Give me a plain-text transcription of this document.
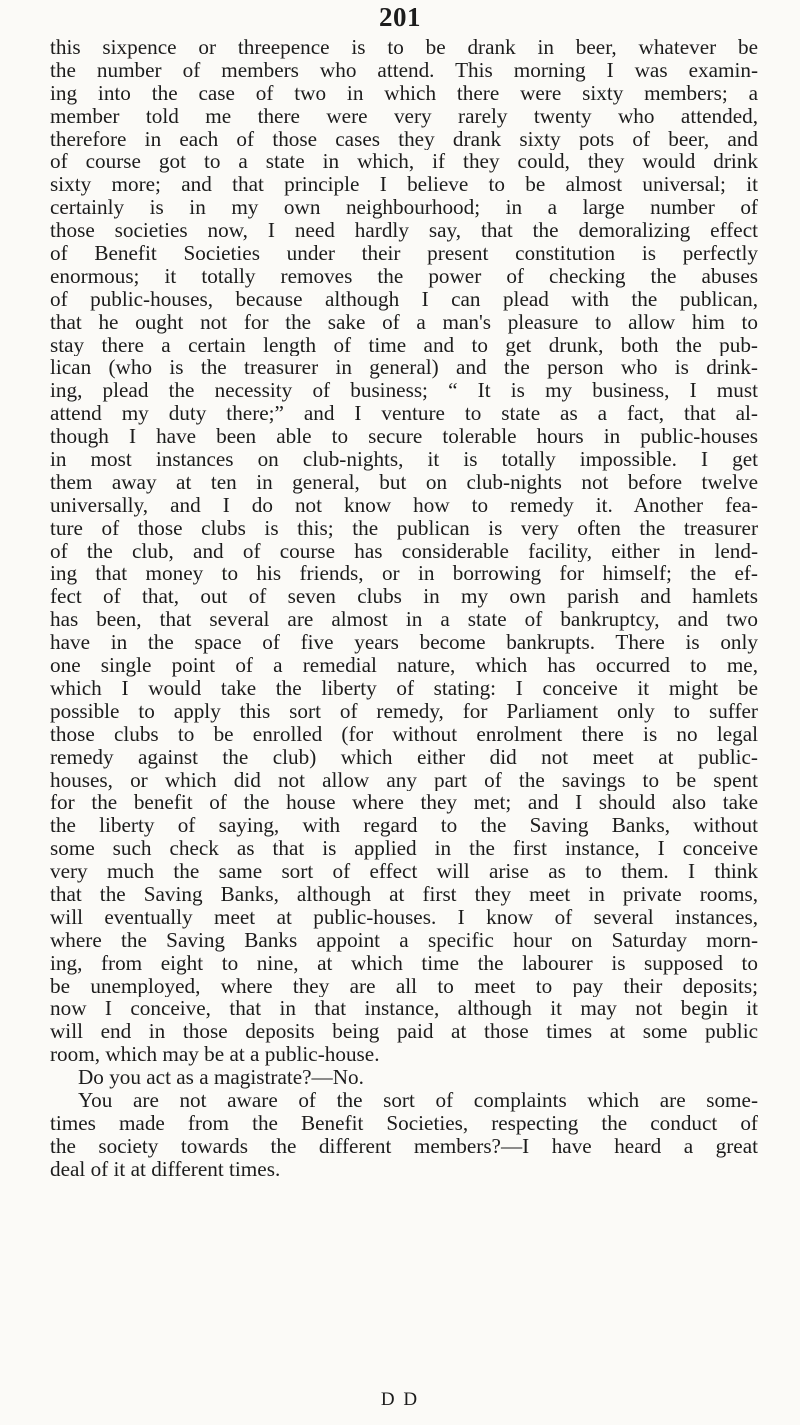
201
this sixpence or threepence is to be drank in beer, whatever be
the number of members who attend. This morning I was examin-
ing into the case of two in which there were sixty members; a
member told me there were very rarely twenty who attended,
therefore in each of those cases they drank sixty pots of beer, and
of course got to a state in which, if they could, they would drink
sixty more; and that principle I believe to be almost universal; it
certainly is in my own neighbourhood; in a large number of
those societies now, I need hardly say, that the demoralizing effect
of Benefit Societies under their present constitution is perfectly
enormous; it totally removes the power of checking the abuses
of public-houses, because although I can plead with the publican,
that he ought not for the sake of a man's pleasure to allow him to
stay there a certain length of time and to get drunk, both the pub-
lican (who is the treasurer in general) and the person who is drink-
ing, plead the necessity of business; “ It is my business, I must
attend my duty there;” and I venture to state as a fact, that al-
though I have been able to secure tolerable hours in public-houses
in most instances on club-nights, it is totally impossible. I get
them away at ten in general, but on club-nights not before twelve
universally, and I do not know how to remedy it. Another fea-
ture of those clubs is this; the publican is very often the treasurer
of the club, and of course has considerable facility, either in lend-
ing that money to his friends, or in borrowing for himself; the ef-
fect of that, out of seven clubs in my own parish and hamlets
has been, that several are almost in a state of bankruptcy, and two
have in the space of five years become bankrupts. There is only
one single point of a remedial nature, which has occurred to me,
which I would take the liberty of stating: I conceive it might be
possible to apply this sort of remedy, for Parliament only to suffer
those clubs to be enrolled (for without enrolment there is no legal
remedy against the club) which either did not meet at public-
houses, or which did not allow any part of the savings to be spent
for the benefit of the house where they met; and I should also take
the liberty of saying, with regard to the Saving Banks, without
some such check as that is applied in the first instance, I conceive
very much the same sort of effect will arise as to them. I think
that the Saving Banks, although at first they meet in private rooms,
will eventually meet at public-houses. I know of several instances,
where the Saving Banks appoint a specific hour on Saturday morn-
ing, from eight to nine, at which time the labourer is supposed to
be unemployed, where they are all to meet to pay their deposits;
now I conceive, that in that instance, although it may not begin it
will end in those deposits being paid at those times at some public
room, which may be at a public-house.
Do you act as a magistrate?—No.
You are not aware of the sort of complaints which are some-
times made from the Benefit Societies, respecting the conduct of
the society towards the different members?—I have heard a great
deal of it at different times.
D D
